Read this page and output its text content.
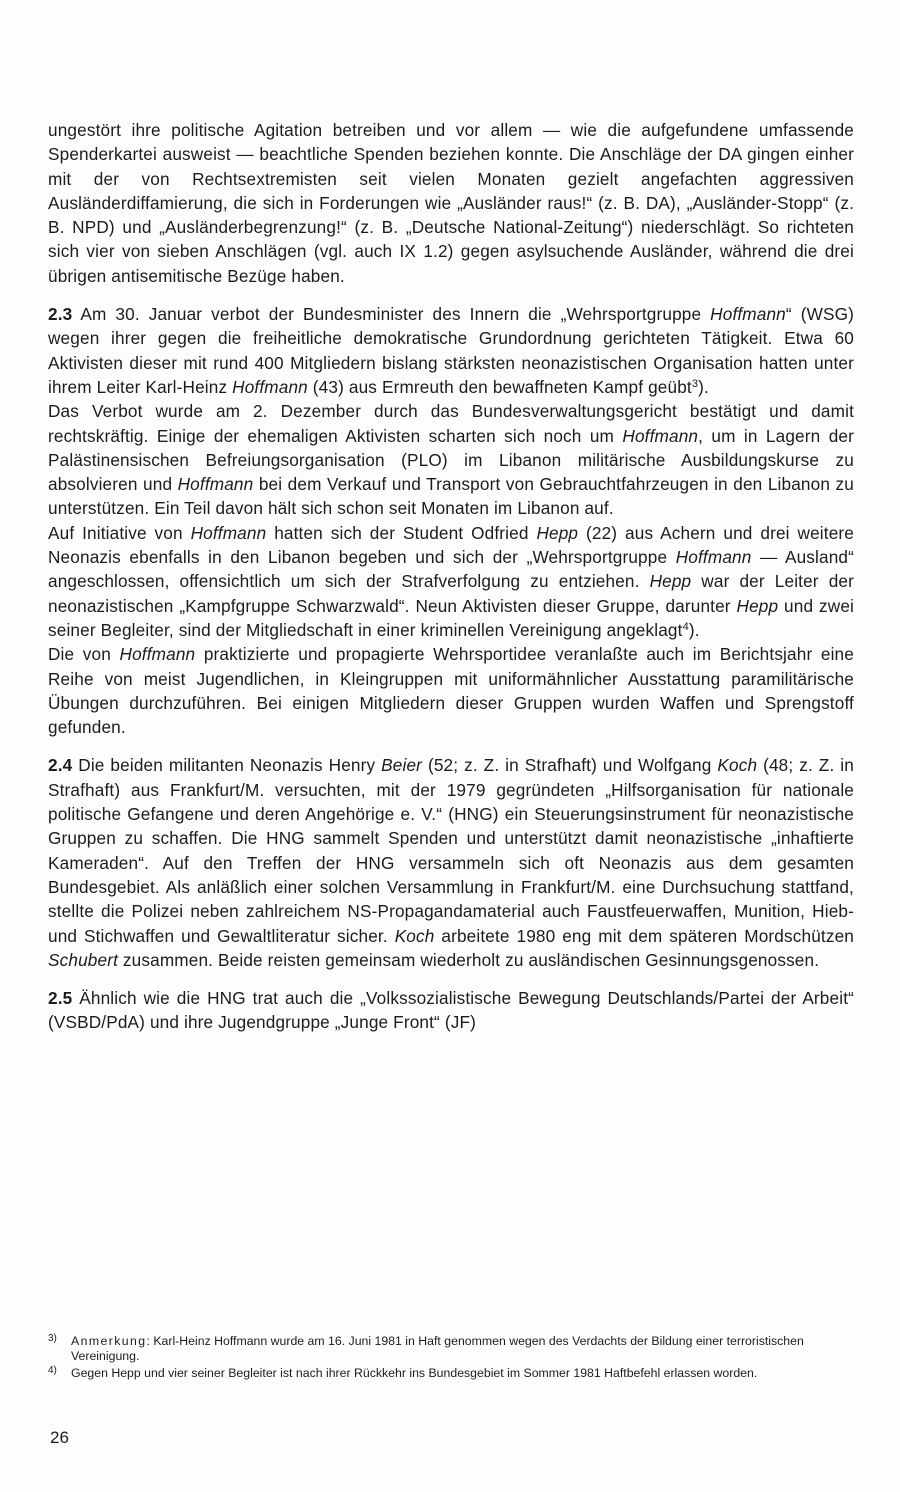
ungestört ihre politische Agitation betreiben und vor allem — wie die aufgefundene umfassende Spenderkartei ausweist — beachtliche Spenden beziehen konnte. Die Anschläge der DA gingen einher mit der von Rechtsextremisten seit vielen Monaten gezielt angefachten aggressiven Ausländerdiffamierung, die sich in Forderungen wie „Ausländer raus!“ (z. B. DA), „Ausländer-Stopp“ (z. B. NPD) und „Ausländerbegrenzung!“ (z. B. „Deutsche National-Zeitung“) niederschlägt. So richteten sich vier von sieben Anschlägen (vgl. auch IX 1.2) gegen asylsuchende Ausländer, während die drei übrigen antisemitische Bezüge haben.

2.3 Am 30. Januar verbot der Bundesminister des Innern die „Wehrsportgruppe Hoffmann“ (WSG) wegen ihrer gegen die freiheitliche demokratische Grundordnung gerichteten Tätigkeit. Etwa 60 Aktivisten dieser mit rund 400 Mitgliedern bislang stärksten neonazistischen Organisation hatten unter ihrem Leiter Karl-Heinz Hoffmann (43) aus Ermreuth den bewaffneten Kampf geübt$^3$).

Das Verbot wurde am 2. Dezember durch das Bundesverwaltungsgericht bestätigt und damit rechtskräftig. Einige der ehemaligen Aktivisten scharten sich noch um Hoffmann, um in Lagern der Palästinensischen Befreiungsorganisation (PLO) im Libanon militärische Ausbildungskurse zu absolvieren und Hoffmann bei dem Verkauf und Transport von Gebrauchtfahrzeugen in den Libanon zu unterstützen. Ein Teil davon hält sich schon seit Monaten im Libanon auf.

Auf Initiative von Hoffmann hatten sich der Student Odfried Hepp (22) aus Achern und drei weitere Neonazis ebenfalls in den Libanon begeben und sich der „Wehrsportgruppe Hoffmann — Ausland“ angeschlossen, offensichtlich um sich der Strafverfolgung zu entziehen. Hepp war der Leiter der neonazistischen „Kampfgruppe Schwarzwald“. Neun Aktivisten dieser Gruppe, darunter Hepp und zwei seiner Begleiter, sind der Mitgliedschaft in einer kriminellen Vereinigung angeklagt$^4$).

Die von Hoffmann praktizierte und propagierte Wehrsportidee veranlaßte auch im Berichtsjahr eine Reihe von meist Jugendlichen, in Kleingruppen mit uniformähnlicher Ausstattung paramilitärische Übungen durchzuführen. Bei einigen Mitgliedern dieser Gruppen wurden Waffen und Sprengstoff gefunden.

2.4 Die beiden militanten Neonazis Henry Beier (52; z. Z. in Strafhaft) und Wolfgang Koch (48; z. Z. in Strafhaft) aus Frankfurt/M. versuchten, mit der 1979 gegründeten „Hilfsorganisation für nationale politische Gefangene und deren Angehörige e. V.“ (HNG) ein Steuerungsinstrument für neonazistische Gruppen zu schaffen. Die HNG sammelt Spenden und unterstützt damit neonazistische „inhaftierte Kameraden“. Auf den Treffen der HNG versammeln sich oft Neonazis aus dem gesamten Bundesgebiet. Als anläßlich einer solchen Versammlung in Frankfurt/M. eine Durchsuchung stattfand, stellte die Polizei neben zahlreichem NS-Propagandamaterial auch Faustfeuerwaffen, Munition, Hieb- und Stichwaffen und Gewaltliteratur sicher. Koch arbeitete 1980 eng mit dem späteren Mordschützen Schubert zusammen. Beide reisten gemeinsam wiederholt zu ausländischen Gesinnungsgenossen.

2.5 Ähnlich wie die HNG trat auch die „Volkssozialistische Bewegung Deutschlands/Partei der Arbeit“ (VSBD/PdA) und ihre Jugendgruppe „Junge Front“ (JF)

3) Anmerkung: Karl-Heinz Hoffmann wurde am 16. Juni 1981 in Haft genommen wegen des Verdachts der Bildung einer terroristischen Vereinigung.

4) Gegen Hepp und vier seiner Begleiter ist nach ihrer Rückkehr ins Bundesgebiet im Sommer 1981 Haftbefehl erlassen worden.

26
